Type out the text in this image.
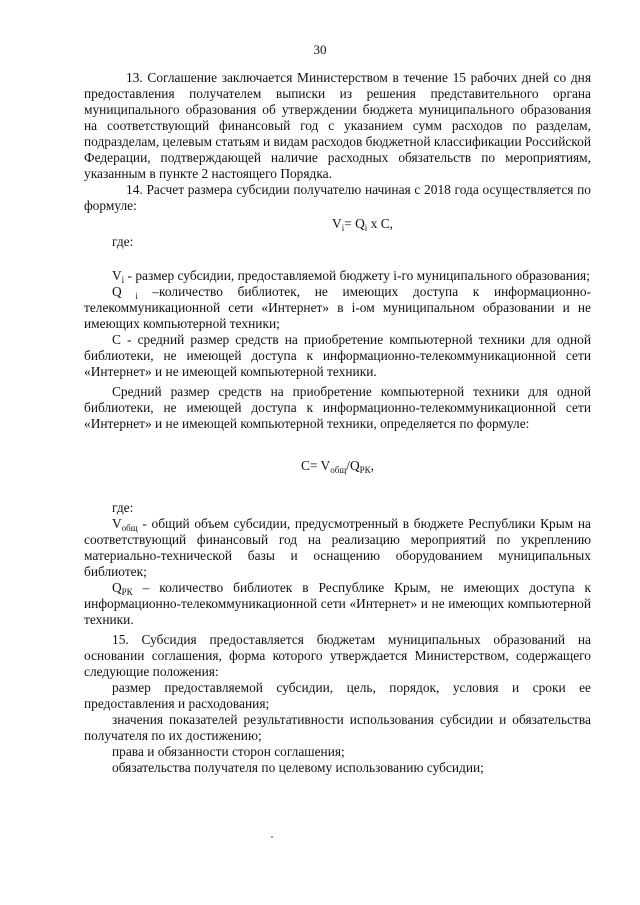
30

13. Соглашение заключается Министерством в течение 15 рабочих дней со дня предоставления получателем выписки из решения представительного органа муниципального образования об утверждении бюджета муниципального образования на соответствующий финансовый год с указанием сумм расходов по разделам, подразделам, целевым статьям и видам расходов бюджетной классификации Российской Федерации, подтверждающей наличие расходных обязательств по мероприятиям, указанным в пункте 2 настоящего Порядка.

14. Расчет размера субсидии получателю начиная с 2018 года осуществляется по формуле:

$V_i= Q_i$ х C,

где:

$V_i$ - размер субсидии, предоставляемой бюджету i-го муниципального образования;

Q $_i$ –количество библиотек, не имеющих доступа к информационно-телекоммуникационной сети «Интернет» в i-ом муниципальном образовании и не имеющих компьютерной техники;

С - средний размер средств на приобретение компьютерной техники для одной библиотеки, не имеющей доступа к информационно-телекоммуникационной сети «Интернет» и не имеющей компьютерной техники.

Средний размер средств на приобретение компьютерной техники для одной библиотеки, не имеющей доступа к информационно-телекоммуникационной сети «Интернет» и не имеющей компьютерной техники, определяется по формуле:

$C= V_{общ}/Q_{РК}$,

где:

$V_{общ}$ - общий объем субсидии, предусмотренный в бюджете Республики Крым на соответствующий финансовый год на реализацию мероприятий по укреплению материально-технической базы и оснащению оборудованием муниципальных библиотек;

$Q_{РК}$ – количество библиотек в Республике Крым, не имеющих доступа к информационно-телекоммуникационной сети «Интернет» и не имеющих компьютерной техники.

15. Субсидия предоставляется бюджетам муниципальных образований на основании соглашения, форма которого утверждается Министерством, содержащего следующие положения:

размер предоставляемой субсидии, цель, порядок, условия и сроки ее предоставления и расходования;

значения показателей результативности использования субсидии и обязательства получателя по их достижению;

права и обязанности сторон соглашения;

обязательства получателя по целевому использованию субсидии;
